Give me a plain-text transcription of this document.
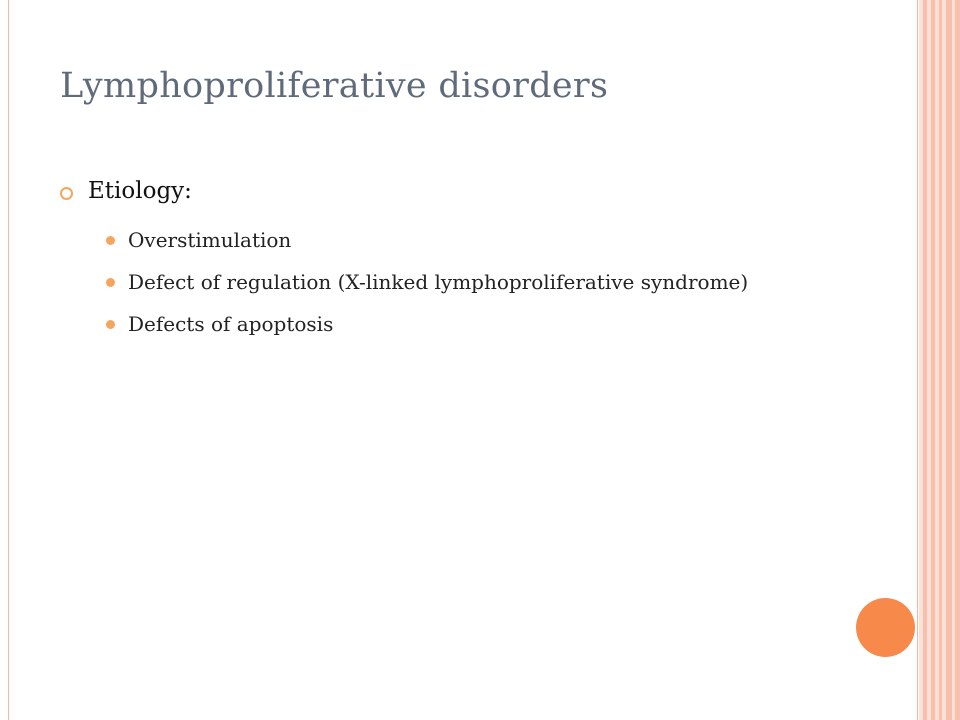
Lymphoproliferative disorders
Etiology:
Overstimulation
Defect of regulation (X-linked lymphoproliferative syndrome)
Defects of apoptosis
